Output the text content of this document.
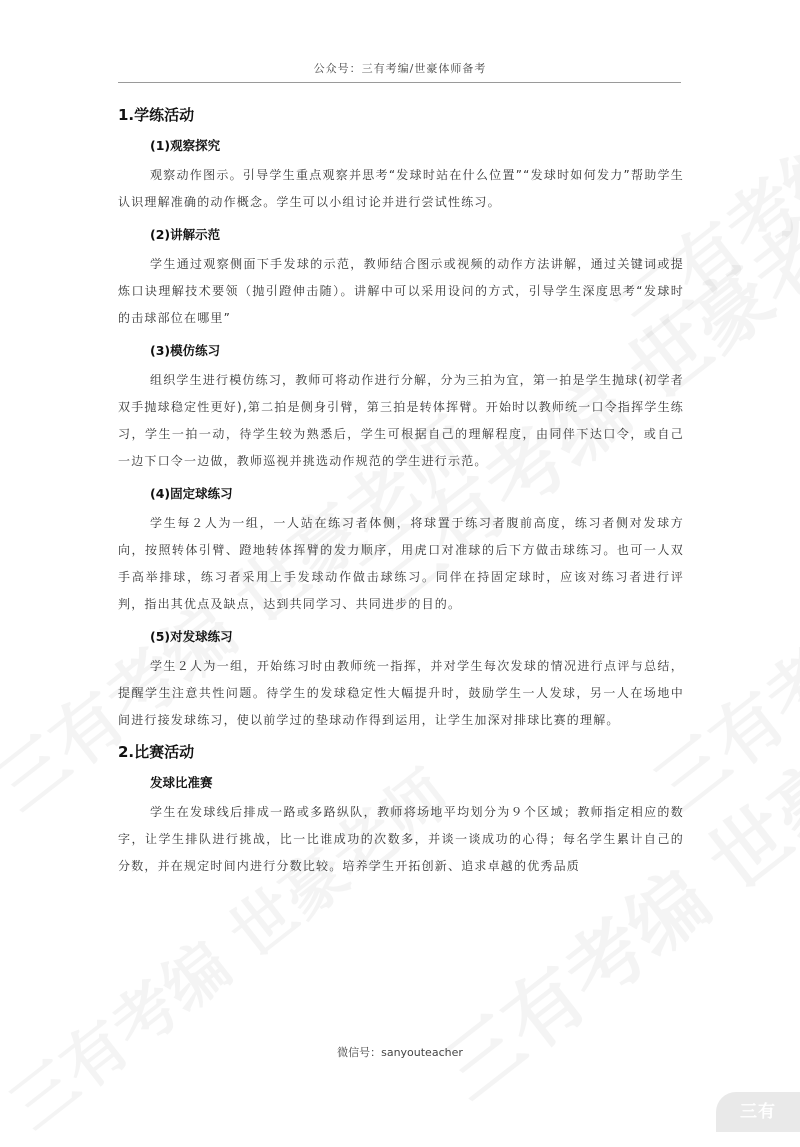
公众号：三有考编/世豪体师备考
1.学练活动
(1)观察探究

观察动作图示。引导学生重点观察并思考“发球时站在什么位置”“发球时如何发力”帮助学生认识理解准确的动作概念。学生可以小组讨论并进行尝试性练习。

(2)讲解示范

学生通过观察侧面下手发球的示范，教师结合图示或视频的动作方法讲解，通过关键词或提炼口诀理解技术要领（抛引蹬伸击随）。讲解中可以采用设问的方式，引导学生深度思考“发球时的击球部位在哪里”

(3)模仿练习

组织学生进行模仿练习，教师可将动作进行分解，分为三拍为宜，第一拍是学生抛球(初学者双手抛球稳定性更好),第二拍是侧身引臂，第三拍是转体挥臂。开始时以教师统一口令指挥学生练习，学生一拍一动，待学生较为熟悉后，学生可根据自己的理解程度，由同伴下达口令，或自己一边下口令一边做，教师巡视并挑选动作规范的学生进行示范。

(4)固定球练习

学生每２人为一组，一人站在练习者体侧，将球置于练习者腹前高度，练习者侧对发球方向，按照转体引臂、蹬地转体挥臂的发力顺序，用虎口对准球的后下方做击球练习。也可一人双手高举排球，练习者采用上手发球动作做击球练习。同伴在持固定球时，应该对练习者进行评判，指出其优点及缺点，达到共同学习、共同进步的目的。

(5)对发球练习

学生２人为一组，开始练习时由教师统一指挥，并对学生每次发球的情况进行点评与总结，提醒学生注意共性问题。待学生的发球稳定性大幅提升时，鼓励学生一人发球，另一人在场地中间进行接发球练习，使以前学过的垫球动作得到运用，让学生加深对排球比赛的理解。

2.比赛活动
发球比准赛

学生在发球线后排成一路或多路纵队，教师将场地平均划分为９个区域；教师指定相应的数字，让学生排队进行挑战，比一比谁成功的次数多，并谈一谈成功的心得；每名学生累计自己的分数，并在规定时间内进行分数比较。培养学生开拓创新、追求卓越的优秀品质

微信号：sanyouteacher
三有
